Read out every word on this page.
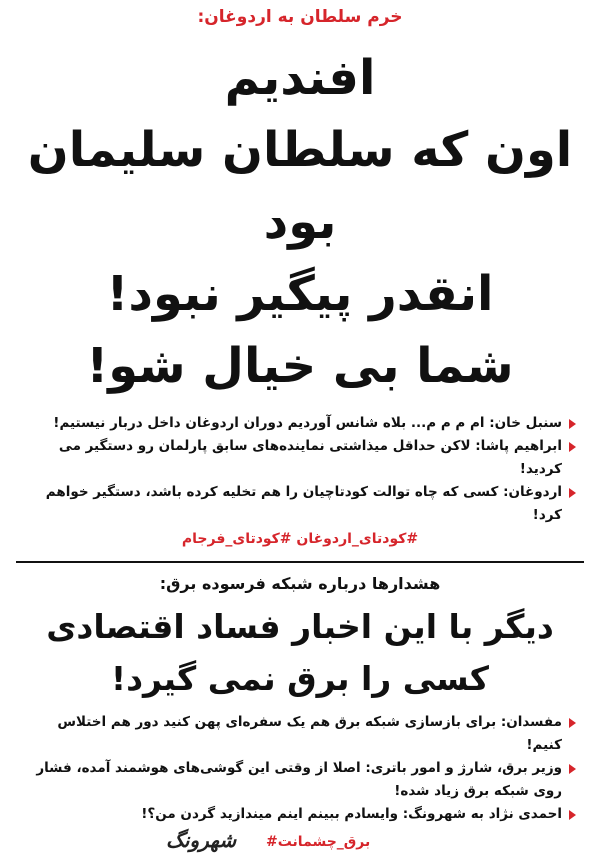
خرم سلطان به اردوغان:
افندیم
اون که سلطان سلیمان بود
انقدر پیگیر نبود!
شما بی خیال شو!
سنبل خان: ام م م م... بلاه شانس آوردیم دوران اردوغان داخل دربار نیستیم!
ابراهیم پاشا: لاکن حداقل میذاشتی نماینده‌های سابق پارلمان رو دستگیر می کردید!
اردوغان: کسی که چاه توالت کودتاچیان را هم تخلیه کرده باشد، دستگیر خواهم کرد!
#کودتای_اردوغان #کودتای_فرجام
هشدارها درباره شبکه فرسوده برق:
دیگر با این اخبار فساد اقتصادی
کسی را برق نمی گیرد!
مفسدان: برای بازسازی شبکه برق هم یک سفره‌ای پهن کنید دور هم اختلاس کنیم!
وزیر برق، شارژ و امور باتری: اصلا از وقتی این گوشی‌های هوشمند آمده، فشار روی شبکه برق زیاد شده!
احمدی نژاد به شهرونگ: وایسادم ببینم اینم میندازید گردن من؟!
شهرونگ #برق_چشمانت
